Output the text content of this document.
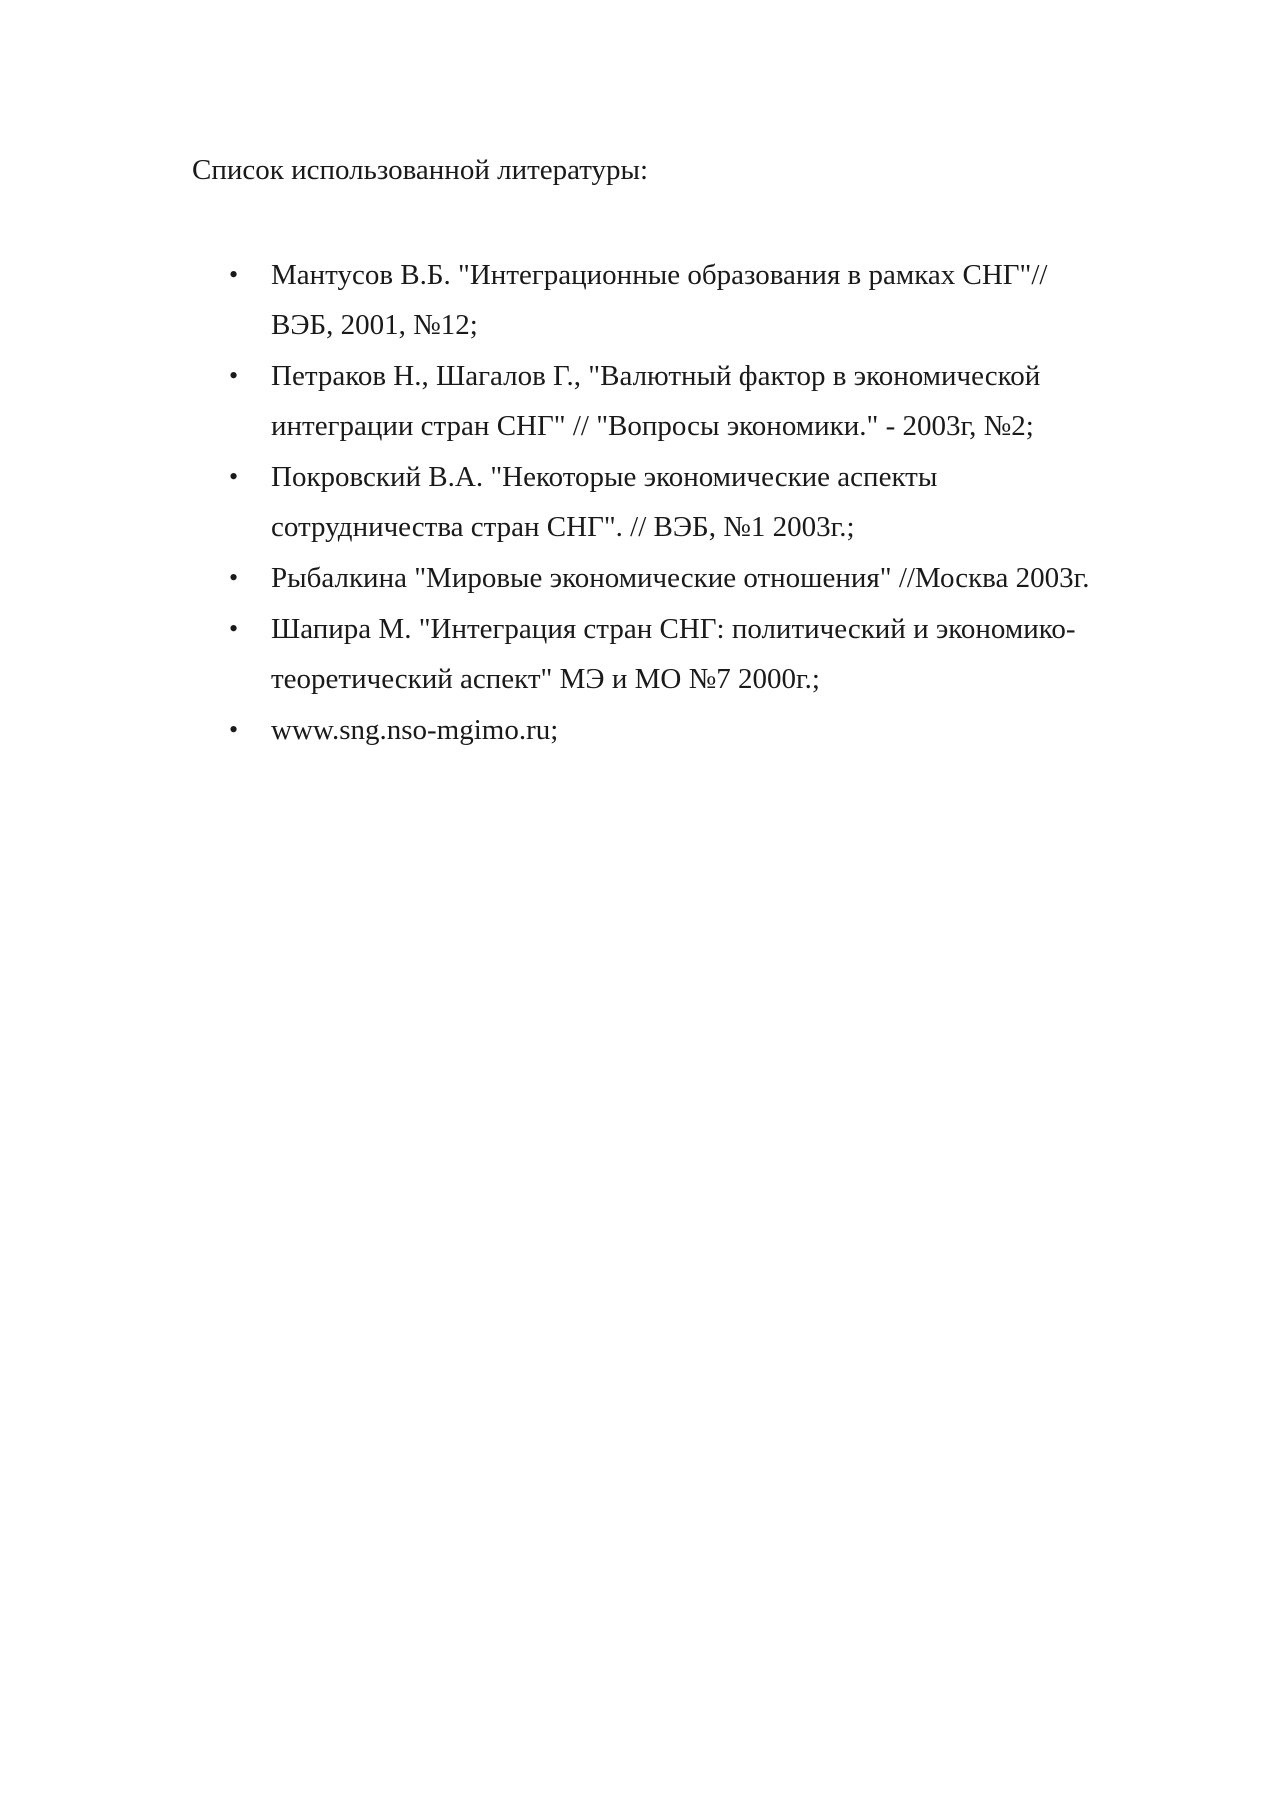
Список использованной литературы:
• Мантусов В.Б. "Интеграционные образования в рамках СНГ"// ВЭБ, 2001, №12;
• Петраков Н., Шагалов Г., "Валютный фактор в экономической интеграции стран СНГ" // "Вопросы экономики." - 2003г, №2;
• Покровский В.А. "Некоторые экономические аспекты сотрудничества стран СНГ". // ВЭБ, №1 2003г.;
• Рыбалкина "Мировые экономические отношения" //Москва 2003г.
• Шапира М. "Интеграция стран СНГ: политический и экономико-теоретический аспект" МЭ и МО №7 2000г.;
• www.sng.nso-mgimo.ru;
